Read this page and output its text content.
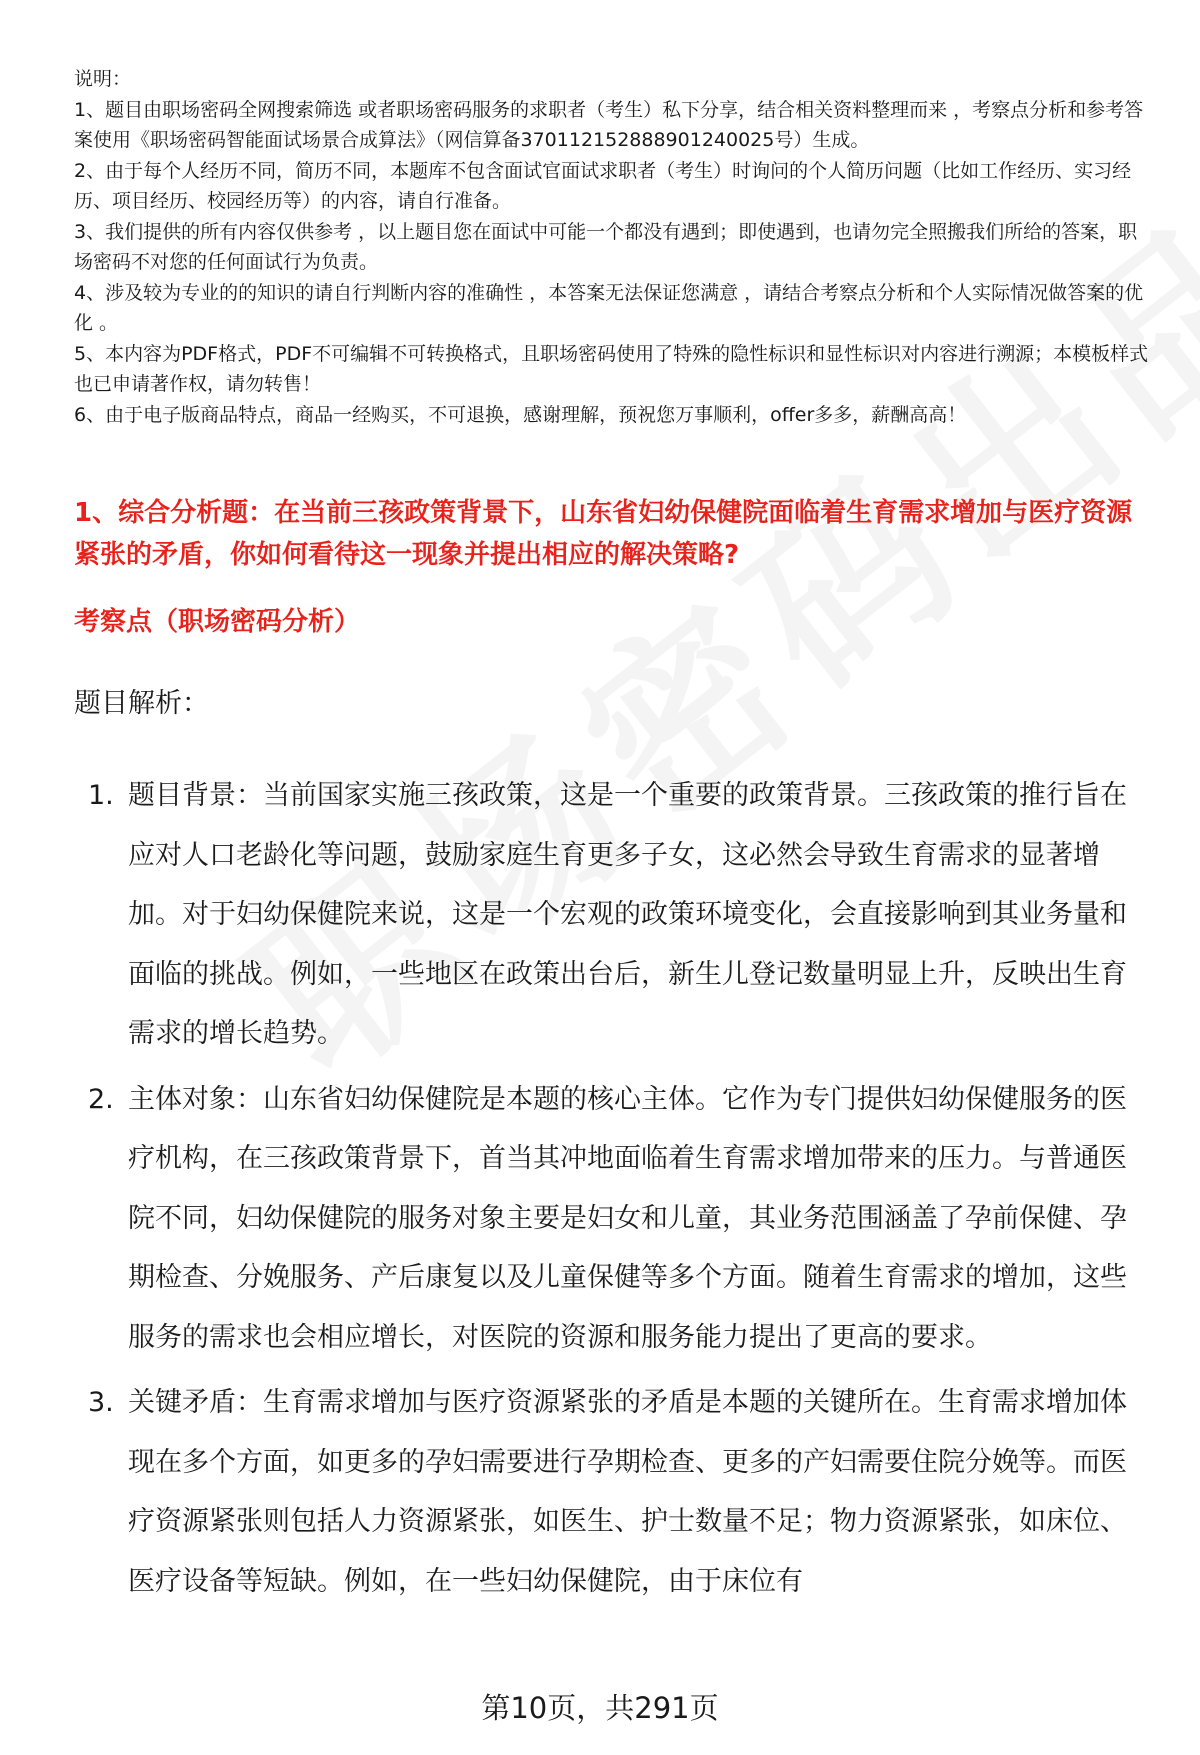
说明：

1、题目由职场密码全网搜索筛选 或者职场密码服务的求职者（考生）私下分享，结合相关资料整理而来 ，考察点分析和参考答案使用《职场密码智能面试场景合成算法》（网信算备370112152888901240025号）生成。

2、由于每个人经历不同，简历不同，本题库不包含面试官面试求职者（考生）时询问的个人简历问题（比如工作经历、实习经历、项目经历、校园经历等）的内容，请自行准备。

3、我们提供的所有内容仅供参考 ，以上题目您在面试中可能一个都没有遇到；即使遇到，也请勿完全照搬我们所给的答案，职场密码不对您的任何面试行为负责。

4、涉及较为专业的的知识的请自行判断内容的准确性 ，本答案无法保证您满意 ，请结合考察点分析和个人实际情况做答案的优化 。

5、本内容为PDF格式，PDF不可编辑不可转换格式，且职场密码使用了特殊的隐性标识和显性标识对内容进行溯源；本模板样式也已申请著作权，请勿转售！

6、由于电子版商品特点，商品一经购买，不可退换，感谢理解，预祝您万事顺利，offer多多，薪酬高高！

1、综合分析题：在当前三孩政策背景下，山东省妇幼保健院面临着生育需求增加与医疗资源紧张的矛盾，你如何看待这一现象并提出相应的解决策略?
考察点（职场密码分析）

题目解析：

1. 题目背景：当前国家实施三孩政策，这是一个重要的政策背景。三孩政策的推行旨在应对人口老龄化等问题，鼓励家庭生育更多子女，这必然会导致生育需求的显著增加。对于妇幼保健院来说，这是一个宏观的政策环境变化，会直接影响到其业务量和面临的挑战。例如，一些地区在政策出台后，新生儿登记数量明显上升，反映出生育需求的增长趋势。
2. 主体对象：山东省妇幼保健院是本题的核心主体。它作为专门提供妇幼保健服务的医疗机构，在三孩政策背景下，首当其冲地面临着生育需求增加带来的压力。与普通医院不同，妇幼保健院的服务对象主要是妇女和儿童，其业务范围涵盖了孕前保健、孕期检查、分娩服务、产后康复以及儿童保健等多个方面。随着生育需求的增加，这些服务的需求也会相应增长，对医院的资源和服务能力提出了更高的要求。
3. 关键矛盾：生育需求增加与医疗资源紧张的矛盾是本题的关键所在。生育需求增加体现在多个方面，如更多的孕妇需要进行孕期检查、更多的产妇需要住院分娩等。而医疗资源紧张则包括人力资源紧张，如医生、护士数量不足；物力资源紧张，如床位、医疗设备等短缺。例如，在一些妇幼保健院，由于床位有
第10页，共291页
